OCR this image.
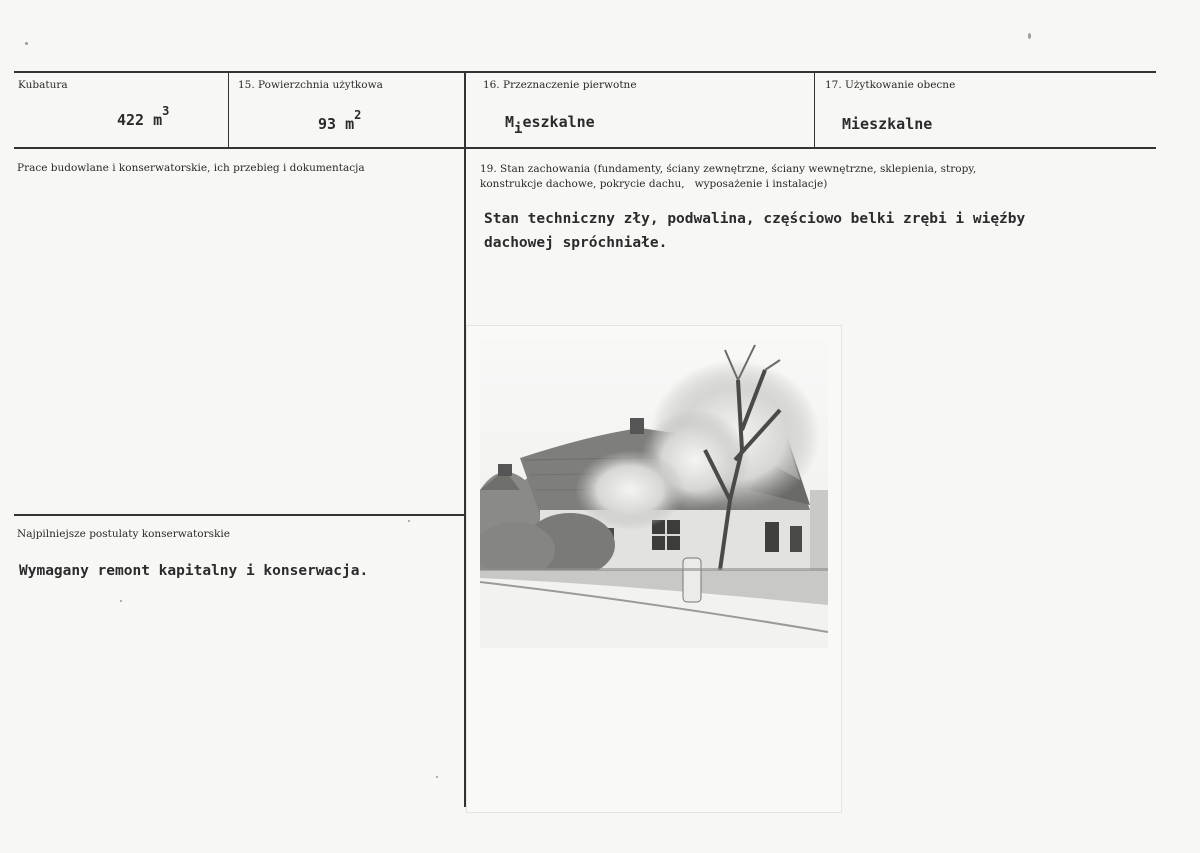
Kubatura
422 $m^3$
15. Powierzchnia użytkowa
93 $m^2$
16. Przeznaczenie pierwotne
$M_ieszkalne$
17. Użytkowanie obecne
Mieszkalne
Prace budowlane i konserwatorskie, ich przebieg i dokumentacja
Najpilniejsze postulaty konserwatorskie
Wymagany remont kapitalny i konserwacja.
19. Stan zachowania (fundamenty, ściany zewnętrzne, ściany wewnętrzne, sklepienia, stropy,
konstrukcje dachowe, pokrycie dachu,   wyposażenie i instalacje)
Stan techniczny zły, podwalina, częściowo belki zrębi i więźby
dachowej spróchniałe.
